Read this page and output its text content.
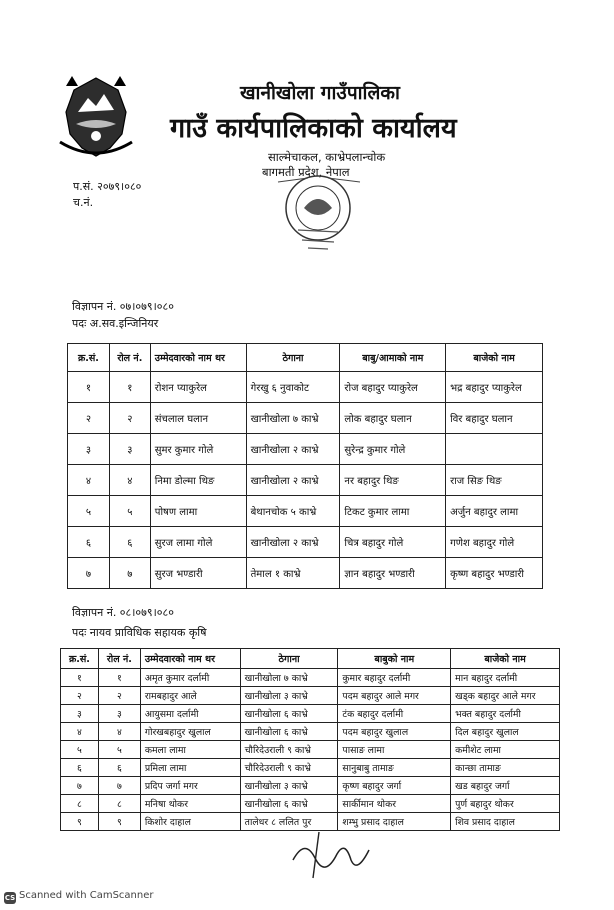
खानीखोला गाउँपालिका
गाउँ कार्यपालिकाको कार्यालय
साल्मेचाकल, काभ्रेपलान्चोक
बागमती प्रदेश, नेपाल
प.सं. २०७९।०८०
च.नं.
विज्ञापन नं. ०७।०७९।०८०
पदः अ.सव.इन्जिनियर
क्र.सं.	रोल नं.	उम्मेदवारको नाम थर	ठेगाना	बाबु/आमाको नाम	बाजेको नाम
१	१	रोशन प्याकुरेल	गेरखु ६ नुवाकोट	रोज बहादुर प्याकुरेल	भद्र बहादुर प्याकुरेल
२	२	संचलाल घलान	खानीखोला ७ काभ्रे	लोक बहादुर घलान	विर बहादुर घलान
३	३	सुमर कुमार गोले	खानीखोला २ काभ्रे	सुरेन्द्र कुमार गोले	
४	४	निमा डोल्मा थिङ	खानीखोला २ काभ्रे	नर बहादुर थिङ	राज सिङ थिङ
५	५	पोषण लामा	बेथानचोक ५ काभ्रे	टिकट कुमार लामा	अर्जुन बहादुर लामा
६	६	सुरज लामा गोले	खानीखोला २ काभ्रे	चित्र बहादुर गोले	गणेश बहादुर गोले
७	७	सुरज भण्डारी	तेमाल १ काभ्रे	ज्ञान बहादुर भण्डारी	कृष्ण बहादुर भण्डारी
विज्ञापन नं. ०८।०७९।०८०
पदः नायव प्राविधिक सहायक कृषि
क्र.सं.	रोल नं.	उम्मेदवारको नाम थर	ठेगाना	बाबुको नाम	बाजेको नाम
१	१	अमृत कुमार दर्लामी	खानीखोला ७ काभ्रे	कुमार बहादुर दर्लामी	मान बहादुर दर्लामी
२	२	रामबहादुर आले	खानीखोला ३ काभ्रे	पदम बहादुर आले मगर	खड्क बहादुर आले मगर
३	३	आयुसमा दर्लामी	खानीखोला ६ काभ्रे	टंक बहादुर दर्लामी	भक्त बहादुर दर्लामी
४	४	गोरखबहादुर खुलाल	खानीखोला ६ काभ्रे	पदम बहादुर खुलाल	दिल बहादुर खुलाल
५	५	कमला लामा	चौरिदेउराली ९ काभ्रे	पासाङ लामा	कमीशेट लामा
६	६	प्रमिला लामा	चौरिदेउराली ९ काभ्रे	सानुबाबु तामाङ	कान्छा तामाङ
७	७	प्रदिप जर्गा मगर	खानीखोला ३ काभ्रे	कृष्ण बहादुर जर्गा	खड बहादुर जर्गा
८	८	मनिषा थोकर	खानीखोला ६ काभ्रे	सार्कीमान थोकर	पुर्ण बहादुर थोकर
९	९	किशोर दाहाल	तालेधर ८ ललित पुर	शम्भु प्रसाद दाहाल	शिव प्रसाद दाहाल
CS Scanned with CamScanner
